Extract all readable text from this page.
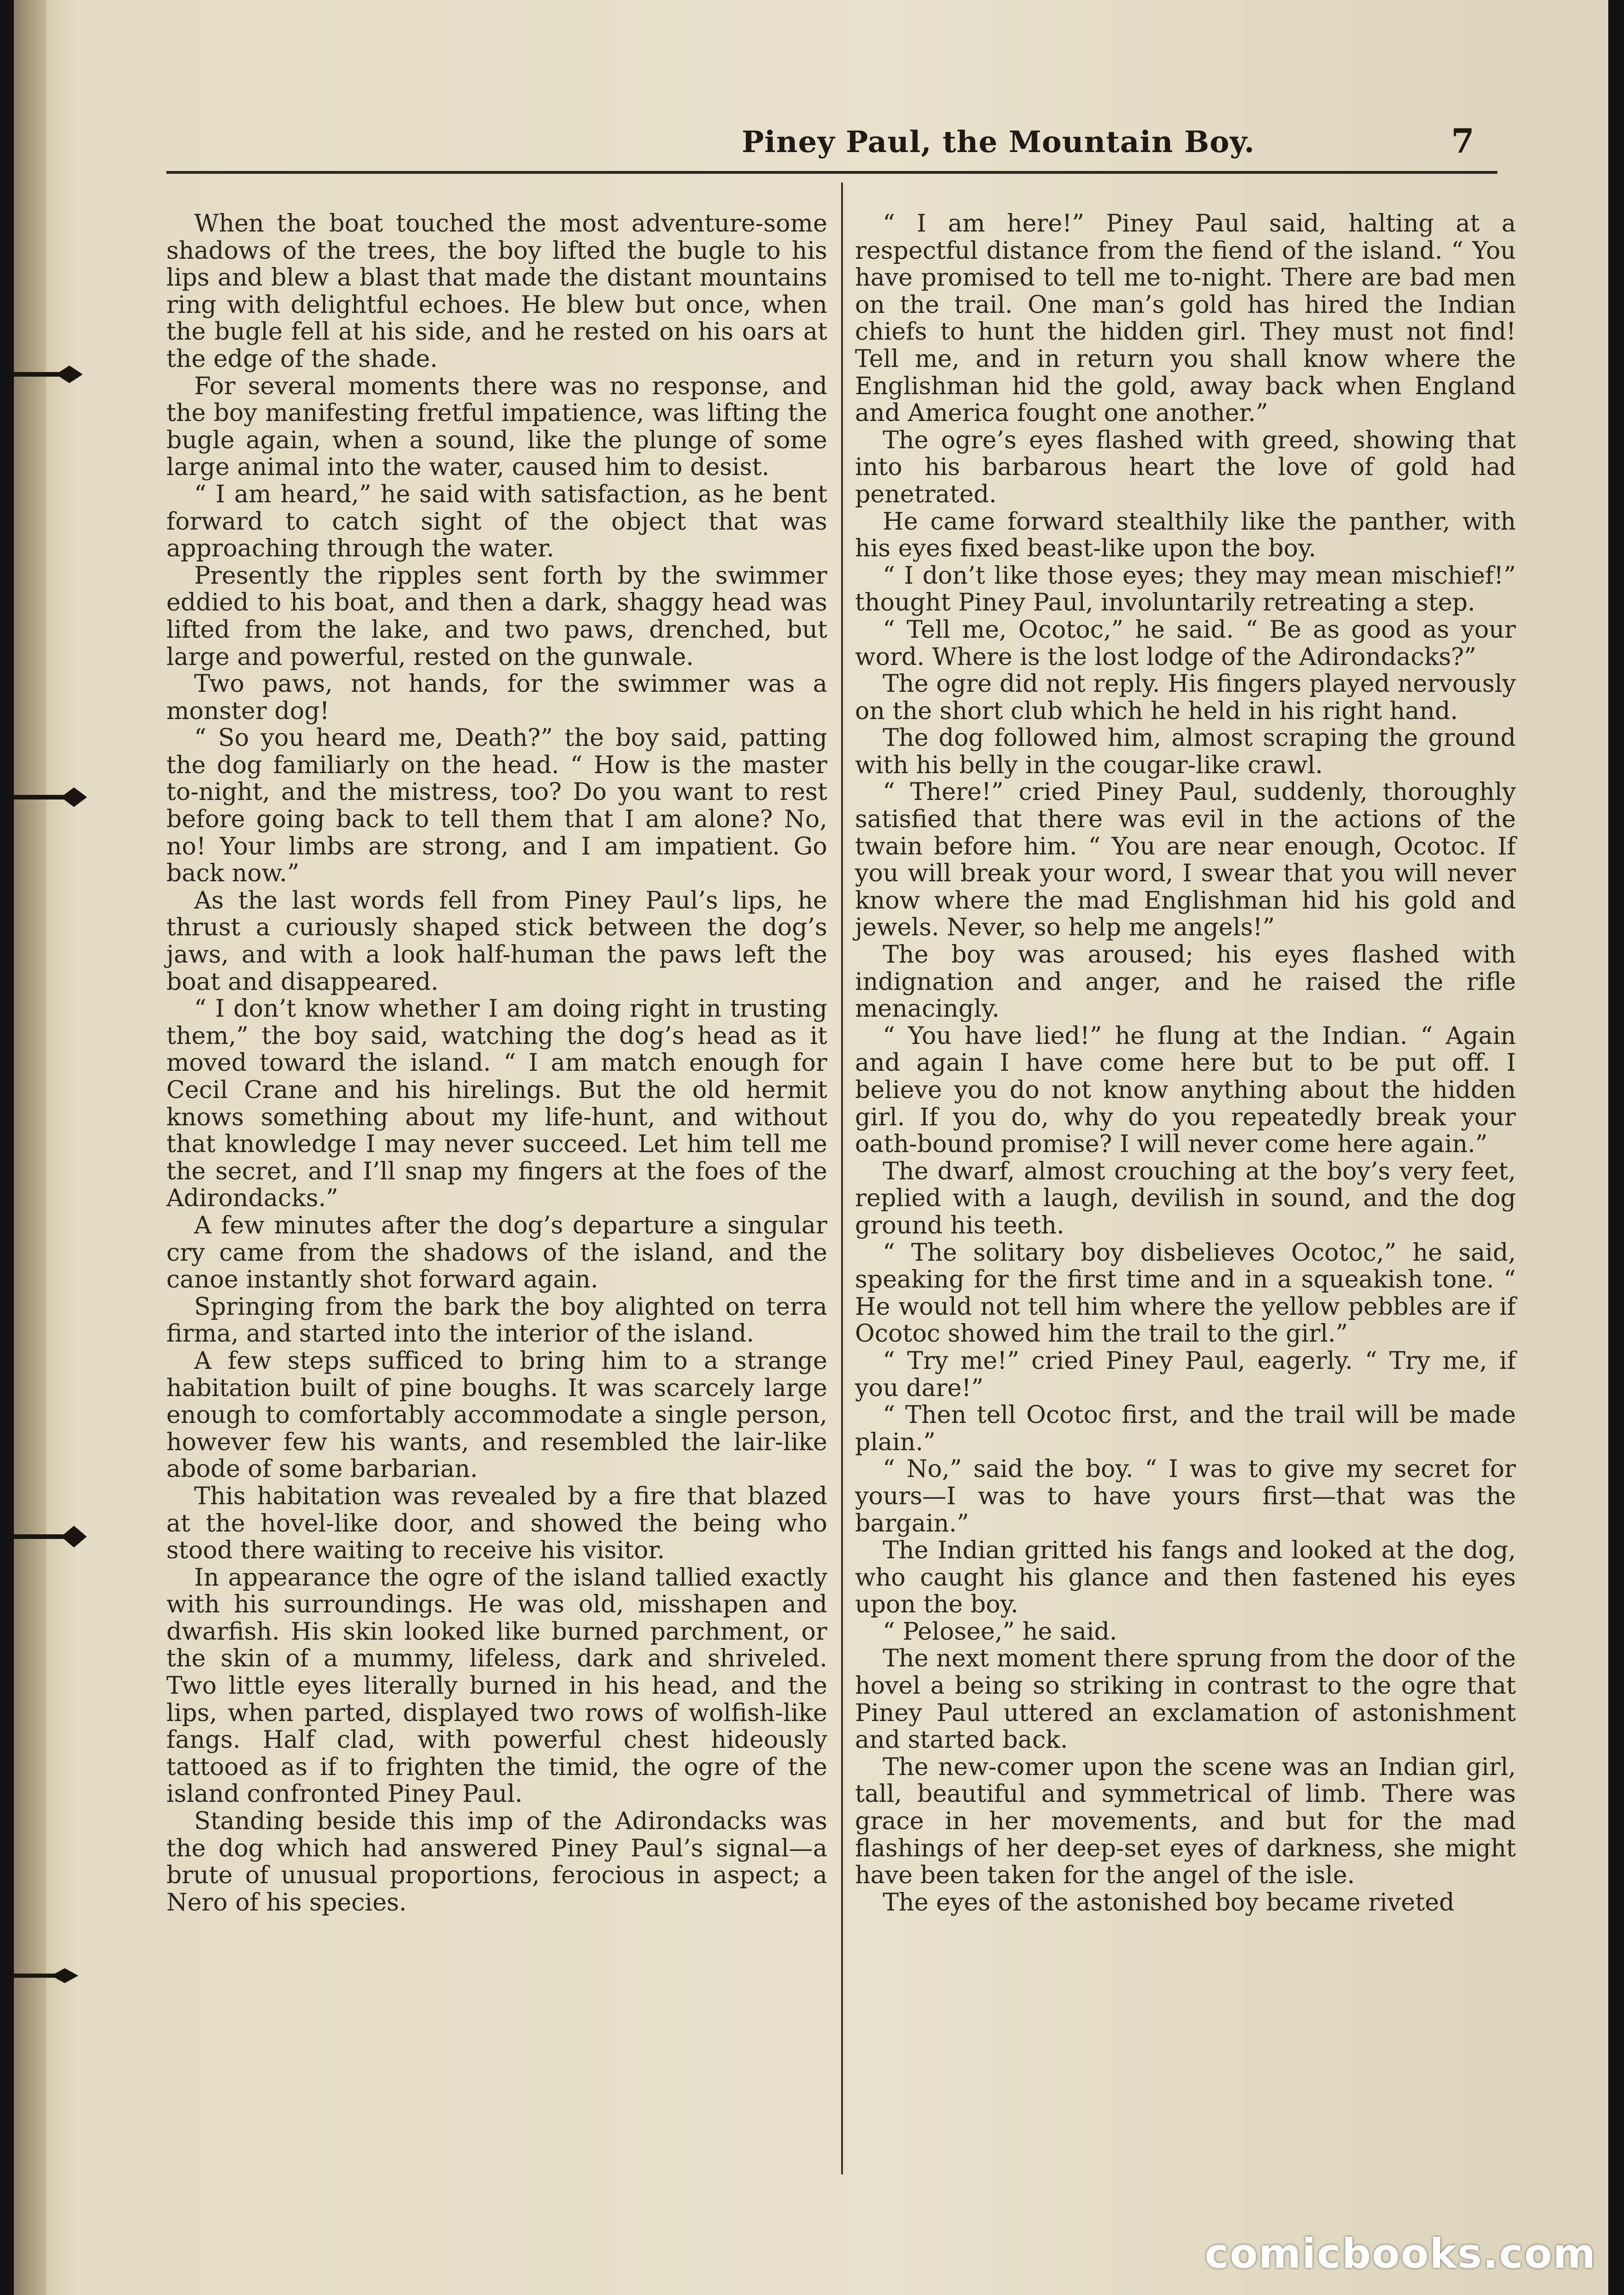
Piney Paul, the Mountain Boy.	7

When the boat touched the most adventure-some shadows of the trees, the boy lifted the bugle to his lips and blew a blast that made the distant mountains ring with delightful echoes. He blew but once, when the bugle fell at his side, and he rested on his oars at the edge of the shade.

For several moments there was no response, and the boy manifesting fretful impatience, was lifting the bugle again, when a sound, like the plunge of some large animal into the water, caused him to desist.

“ I am heard,” he said with satisfaction, as he bent forward to catch sight of the object that was approaching through the water.

Presently the ripples sent forth by the swimmer eddied to his boat, and then a dark, shaggy head was lifted from the lake, and two paws, drenched, but large and powerful, rested on the gunwale.

Two paws, not hands, for the swimmer was a monster dog!

“ So you heard me, Death?” the boy said, patting the dog familiarly on the head. “ How is the master to-night, and the mistress, too? Do you want to rest before going back to tell them that I am alone? No, no! Your limbs are strong, and I am impatient. Go back now.”

As the last words fell from Piney Paul’s lips, he thrust a curiously shaped stick between the dog’s jaws, and with a look half-human the paws left the boat and disappeared.

“ I don’t know whether I am doing right in trusting them,” the boy said, watching the dog’s head as it moved toward the island. “ I am match enough for Cecil Crane and his hirelings. But the old hermit knows something about my life-hunt, and without that knowledge I may never succeed. Let him tell me the secret, and I’ll snap my fingers at the foes of the Adirondacks.”

A few minutes after the dog’s departure a singular cry came from the shadows of the island, and the canoe instantly shot forward again.

Springing from the bark the boy alighted on terra firma, and started into the interior of the island.

A few steps sufficed to bring him to a strange habitation built of pine boughs. It was scarcely large enough to comfortably accommodate a single person, however few his wants, and resembled the lair-like abode of some barbarian.

This habitation was revealed by a fire that blazed at the hovel-like door, and showed the being who stood there waiting to receive his visitor.

In appearance the ogre of the island tallied exactly with his surroundings. He was old, misshapen and dwarfish. His skin looked like burned parchment, or the skin of a mummy, lifeless, dark and shriveled. Two little eyes literally burned in his head, and the lips, when parted, displayed two rows of wolfish-like fangs. Half clad, with powerful chest hideously tattooed as if to frighten the timid, the ogre of the island confronted Piney Paul.

Standing beside this imp of the Adirondacks was the dog which had answered Piney Paul’s signal—a brute of unusual proportions, ferocious in aspect; a Nero of his species.

“ I am here!” Piney Paul said, halting at a respectful distance from the fiend of the island. “ You have promised to tell me to-night. There are bad men on the trail. One man’s gold has hired the Indian chiefs to hunt the hidden girl. They must not find! Tell me, and in return you shall know where the Englishman hid the gold, away back when England and America fought one another.”

The ogre’s eyes flashed with greed, showing that into his barbarous heart the love of gold had penetrated.

He came forward stealthily like the panther, with his eyes fixed beast-like upon the boy.

“ I don’t like those eyes; they may mean mischief!” thought Piney Paul, involuntarily retreating a step.

“ Tell me, Ocotoc,” he said. “ Be as good as your word. Where is the lost lodge of the Adirondacks?”

The ogre did not reply. His fingers played nervously on the short club which he held in his right hand.

The dog followed him, almost scraping the ground with his belly in the cougar-like crawl.

“ There!” cried Piney Paul, suddenly, thoroughly satisfied that there was evil in the actions of the twain before him. “ You are near enough, Ocotoc. If you will break your word, I swear that you will never know where the mad Englishman hid his gold and jewels. Never, so help me angels!”

The boy was aroused; his eyes flashed with indignation and anger, and he raised the rifle menacingly.

“ You have lied!” he flung at the Indian. “ Again and again I have come here but to be put off. I believe you do not know anything about the hidden girl. If you do, why do you repeatedly break your oath-bound promise? I will never come here again.”

The dwarf, almost crouching at the boy’s very feet, replied with a laugh, devilish in sound, and the dog ground his teeth.

“ The solitary boy disbelieves Ocotoc,” he said, speaking for the first time and in a squeakish tone. “ He would not tell him where the yellow pebbles are if Ocotoc showed him the trail to the girl.”

“ Try me!” cried Piney Paul, eagerly. “ Try me, if you dare!”

“ Then tell Ocotoc first, and the trail will be made plain.”

“ No,” said the boy. “ I was to give my secret for yours—I was to have yours first—that was the bargain.”

The Indian gritted his fangs and looked at the dog, who caught his glance and then fastened his eyes upon the boy.

“ Pelosee,” he said.

The next moment there sprung from the door of the hovel a being so striking in contrast to the ogre that Piney Paul uttered an exclamation of astonishment and started back.

The new-comer upon the scene was an Indian girl, tall, beautiful and symmetrical of limb. There was grace in her movements, and but for the mad flashings of her deep-set eyes of darkness, she might have been taken for the angel of the isle.

The eyes of the astonished boy became riveted

comicbooks.com
